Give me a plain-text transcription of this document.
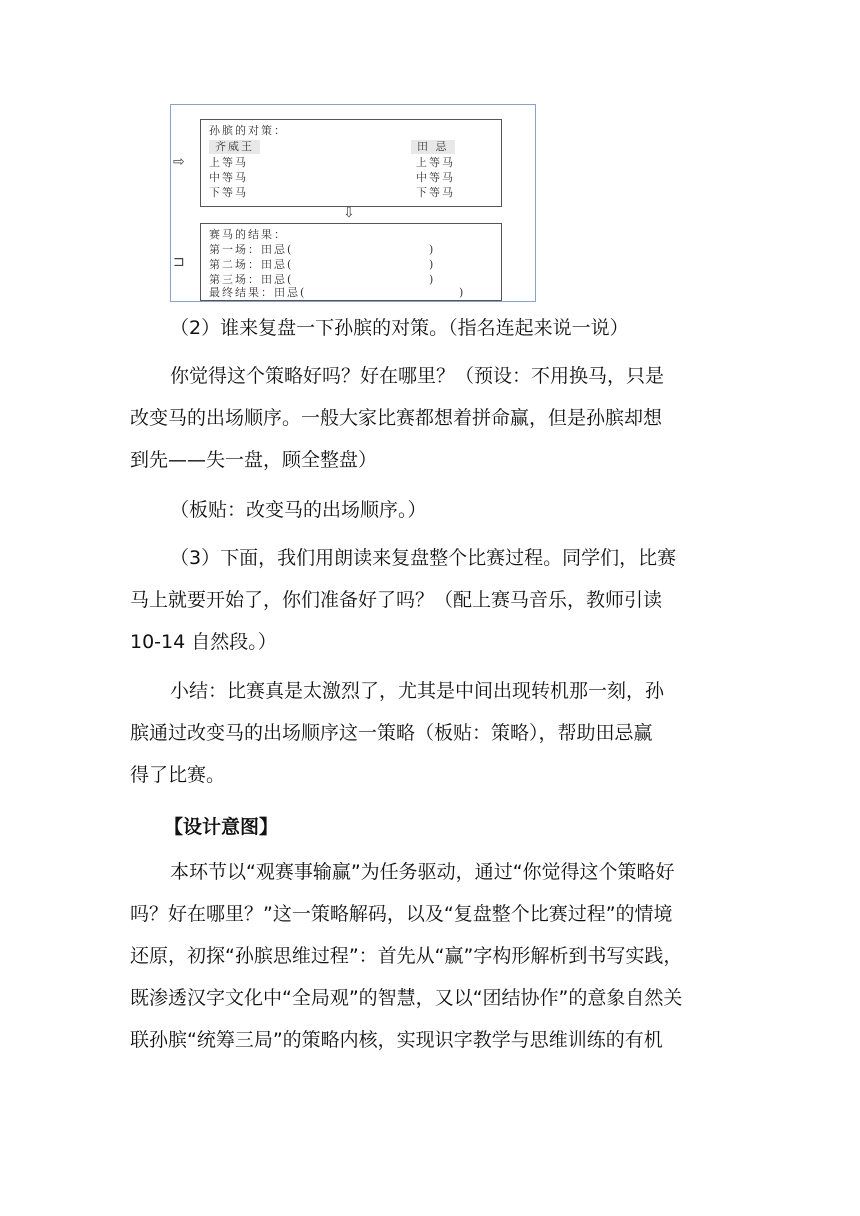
⇨
⊐
孙膑的对策：
齐威王	田 忌
上等马	上等马
中等马	中等马
下等马	下等马
⇩
赛马的结果：
第一场：田忌(	)
第二场：田忌(	)
第三场：田忌(	)
最终结果：田忌(	)
（2）谁来复盘一下孙膑的对策。（指名连起来说一说）
你觉得这个策略好吗？好在哪里？（预设：不用换马，只是
改变马的出场顺序。一般大家比赛都想着拼命赢，但是孙膑却想
到先——失一盘，顾全整盘）
（板贴：改变马的出场顺序。）
（3）下面，我们用朗读来复盘整个比赛过程。同学们，比赛
马上就要开始了，你们准备好了吗？（配上赛马音乐，教师引读
10-14 自然段。）
小结：比赛真是太激烈了，尤其是中间出现转机那一刻，孙
膑通过改变马的出场顺序这一策略（板贴：策略），帮助田忌赢
得了比赛。
【设计意图】
本环节以“观赛事输赢”为任务驱动，通过“你觉得这个策略好
吗？好在哪里？”这一策略解码，以及“复盘整个比赛过程”的情境
还原，初探“孙膑思维过程”：首先从“赢”字构形解析到书写实践，
既渗透汉字文化中“全局观”的智慧，又以“团结协作”的意象自然关
联孙膑“统筹三局”的策略内核，实现识字教学与思维训练的有机
